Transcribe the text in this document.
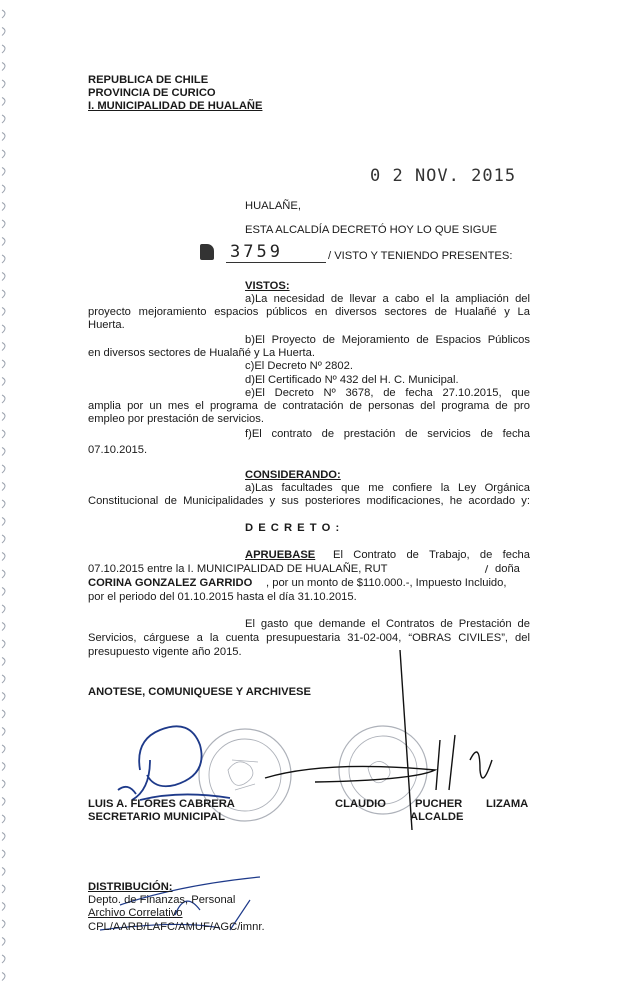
REPUBLICA DE CHILE
PROVINCIA DE CURICO
I. MUNICIPALIDAD DE HUALAÑE
0 2 NOV. 2015
HUALAÑE,
ESTA ALCALDÍA DECRETÓ HOY LO QUE SIGUE
3759	/ VISTO Y TENIENDO PRESENTES:
VISTOS:
a)La necesidad de llevar a cabo el la ampliación del
proyecto mejoramiento espacios públicos en diversos sectores de Hualañé y La
Huerta.
b)El Proyecto de Mejoramiento de Espacios Públicos
en diversos sectores de Hualañé y La Huerta.
c)El Decreto Nº 2802.
d)El Certificado Nº 432 del H. C. Municipal.
e)El Decreto Nº 3678, de fecha 27.10.2015, que
amplia por un mes el programa de contratación de personas del programa de pro
empleo por prestación de servicios.
f)El contrato de prestación de servicios de fecha
07.10.2015.
CONSIDERANDO:
a)Las facultades que me confiere la Ley Orgánica
Constitucional de Municipalidades y sus posteriores modificaciones, he acordado y:
D E C R E T O :
APRUEBASE El Contrato de Trabajo, de fecha
07.10.2015 entre la I. MUNICIPALIDAD DE HUALAÑE, RUT	doña
CORINA GONZALEZ GARRIDO , por un monto de $110.000.-, Impuesto Incluido,
por el periodo del 01.10.2015 hasta el día 31.10.2015.
El gasto que demande el Contratos de Prestación de
Servicios, cárguese a la cuenta presupuestaria 31-02-004, “OBRAS CIVILES”, del
presupuesto vigente año 2015.
ANOTESE, COMUNIQUESE Y ARCHIVESE
LUIS A. FLORES CABRERA
SECRETARIO MUNICIPAL
CLAUDIO	PUCHER LIZAMA
ALCALDE
DISTRIBUCIÓN:
Depto. de Finanzas, Personal
Archivo Correlativo
CPL/AARB/LAFC/AMUF/AGC/imnr.
